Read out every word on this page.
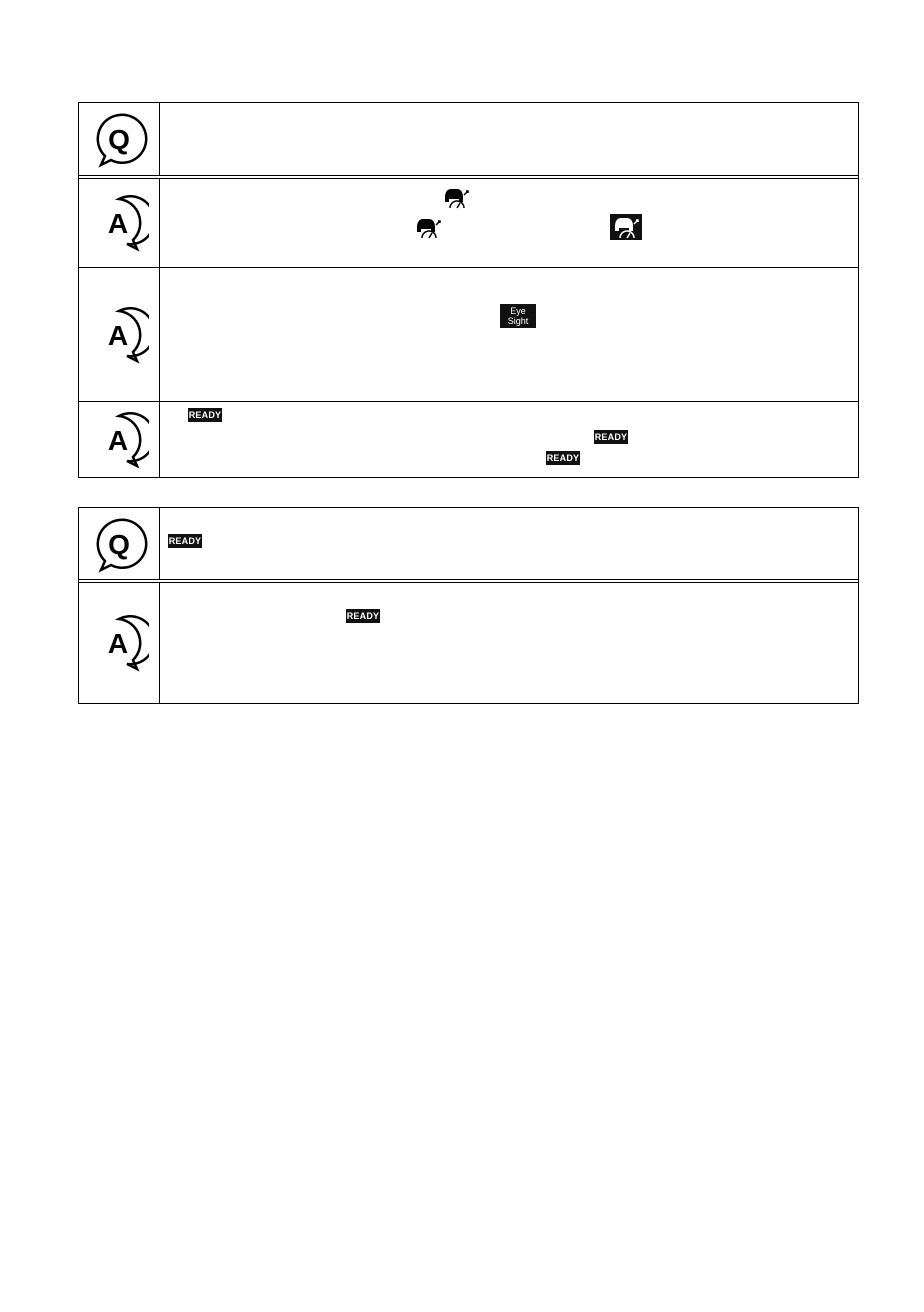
Q
A
A
Eye
Sight
A
READY
READY
READY
Q	READY
A
READY
